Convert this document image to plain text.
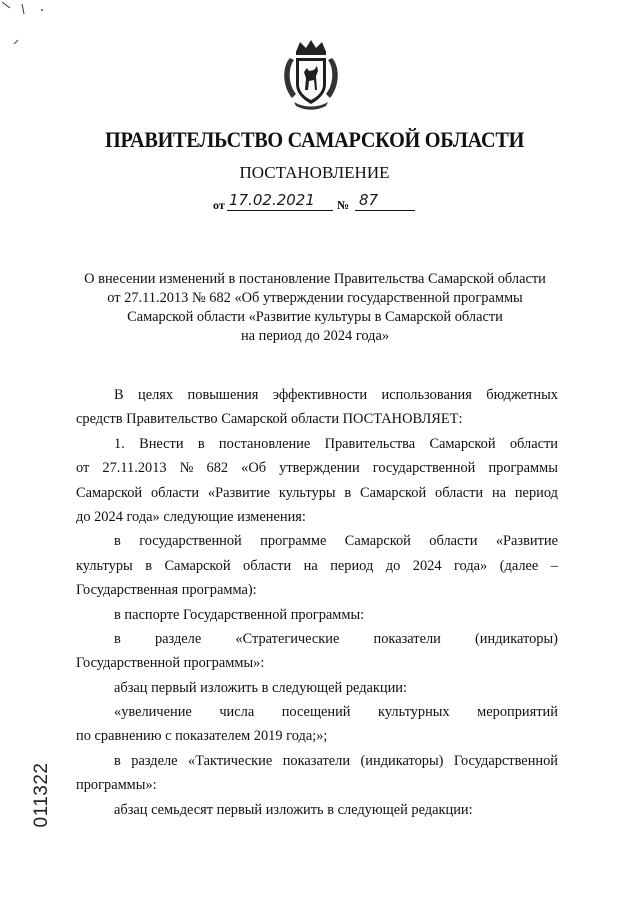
ПРАВИТЕЛЬСТВО САМАРСКОЙ ОБЛАСТИ
ПОСТАНОВЛЕНИЕ
от 17.02.2021 № 87
О внесении изменений в постановление Правительства Самарской области
от 27.11.2013 № 682 «Об утверждении государственной программы
Самарской области «Развитие культуры в Самарской области
на период до 2024 года»
В целях повышения эффективности использования бюджетных
средств Правительство Самарской области ПОСТАНОВЛЯЕТ:
1. Внести в постановление Правительства Самарской области
от 27.11.2013 № 682 «Об утверждении государственной программы
Самарской области «Развитие культуры в Самарской области на период
до 2024 года» следующие изменения:
в государственной программе Самарской области «Развитие
культуры в Самарской области на период до 2024 года» (далее –
Государственная программа):
в паспорте Государственной программы:
в разделе «Стратегические показатели (индикаторы)
Государственной программы»:
абзац первый изложить в следующей редакции:
«увеличение числа посещений культурных мероприятий
по сравнению с показателем 2019 года;»;
в разделе «Тактические показатели (индикаторы) Государственной
программы»:
абзац семьдесят первый изложить в следующей редакции:
011322
